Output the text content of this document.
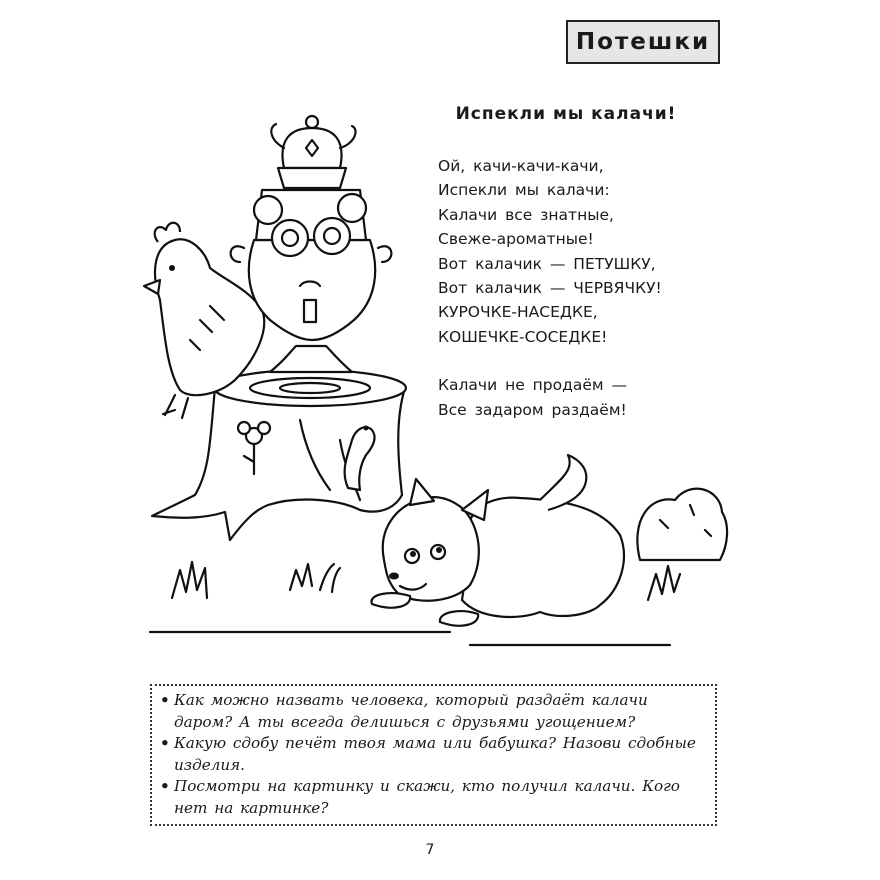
Потешки
Испекли мы калачи!
Ой, качи-качи-качи,
Испекли мы калачи:
Калачи все знатные,
Свеже-ароматные!
Вот калачик — ПЕТУШКУ,
Вот калачик — ЧЕРВЯЧКУ!
КУРОЧКЕ-НАСЕДКЕ,
КОШЕЧКЕ-СОСЕДКЕ!
Калачи не продаём —
Все задаром раздаём!

• Как можно назвать человека, который раздаёт калачи даром? А ты всегда делишься с друзьями угощением?

• Какую сдобу печёт твоя мама или бабушка? Назови сдобные изделия.

• Посмотри на картинку и скажи, кто получил калачи. Кого нет на картинке?

7
